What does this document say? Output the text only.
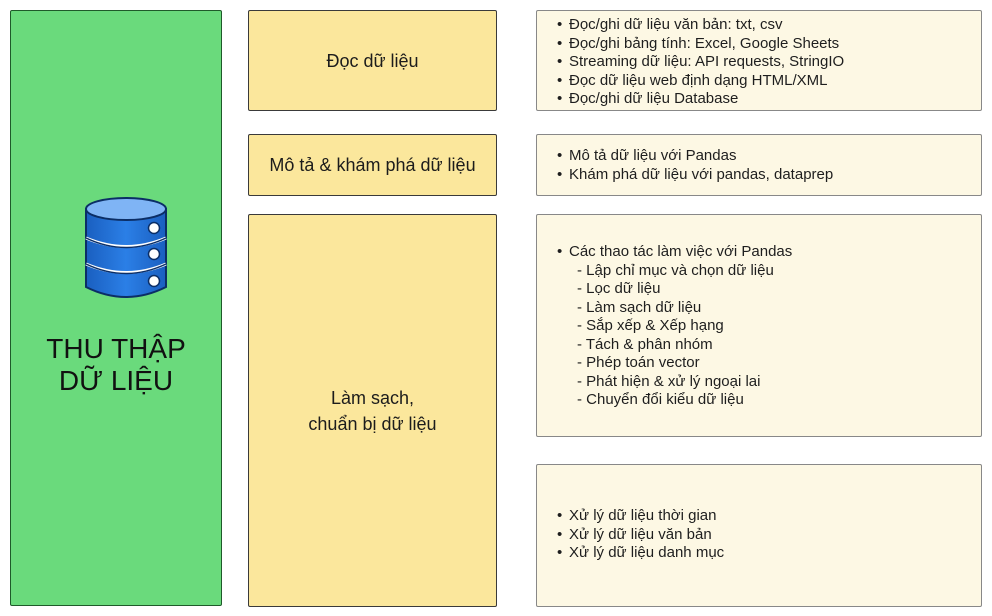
THU THẬP
DỮ LIỆU
Đọc dữ liệu
Mô tả & khám phá dữ liệu
Làm sạch,
chuẩn bị dữ liệu
• Đọc/ghi dữ liệu văn bản: txt, csv
• Đọc/ghi bảng tính: Excel, Google Sheets
• Streaming dữ liệu: API requests, StringIO
• Đọc dữ liệu web định dạng HTML/XML
• Đọc/ghi dữ liệu Database
• Mô tả dữ liệu với Pandas
• Khám phá dữ liệu với pandas, dataprep
• Các thao tác làm việc với Pandas
- Lập chỉ mục và chọn dữ liệu
- Lọc dữ liệu
- Làm sạch dữ liệu
- Sắp xếp & Xếp hạng
- Tách & phân nhóm
- Phép toán vector
- Phát hiện & xử lý ngoại lai
- Chuyển đổi kiểu dữ liệu
• Xử lý dữ liệu thời gian
• Xử lý dữ liệu văn bản
• Xử lý dữ liệu danh mục
